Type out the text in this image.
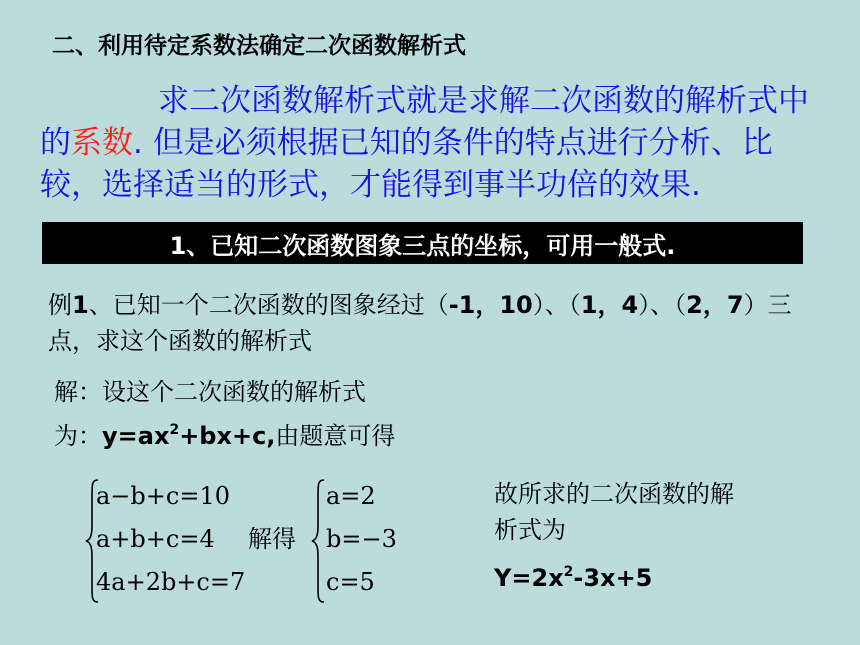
二、利用待定系数法确定二次函数解析式

求二次函数解析式就是求解二次函数的解析式中的系数. 但是必须根据已知的条件的特点进行分析、比较，选择适当的形式，才能得到事半功倍的效果.

1、已知二次函数图象三点的坐标，可用一般式.

例1、已知一个二次函数的图象经过（-1，10）、（1，4）、（2，7）三点，求这个函数的解析式

解：设这个二次函数的解析式
为：$y=ax^2+bx+c$,由题意可得
a−b+c=10
a+b+c=4
4a+2b+c=7
解得
a=2
b=−3
c=5
故所求的二次函数的解
析式为
$Y=2x^2-3x+5$
